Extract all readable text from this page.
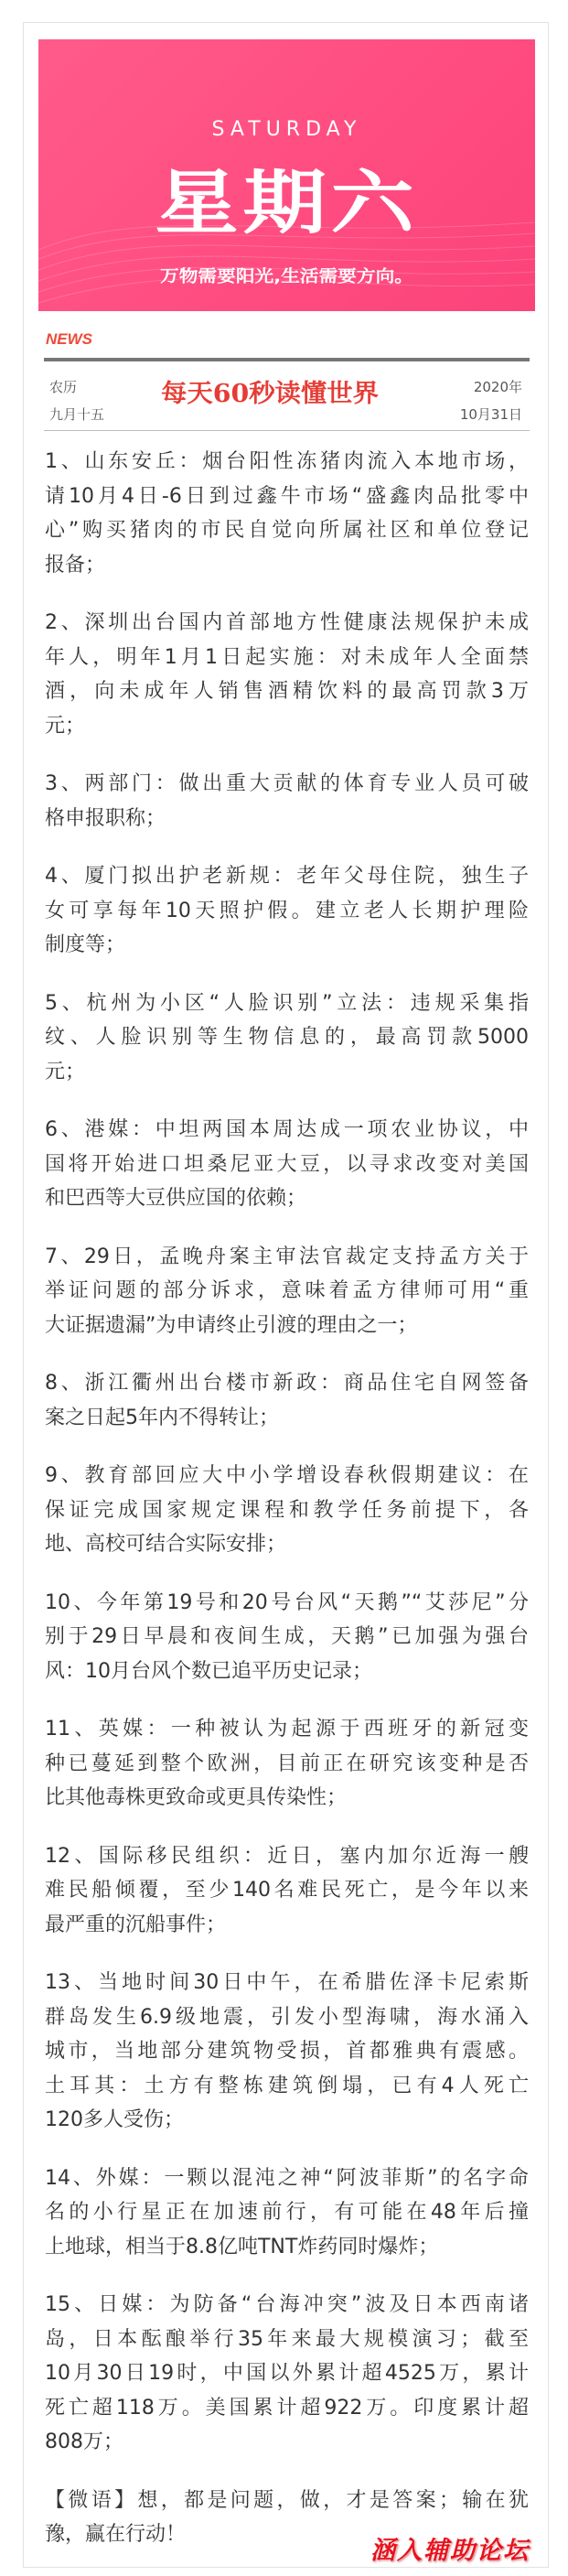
SATURDAY
星期六
万物需要阳光,生活需要方向。
NEWS
农历
九月十五
每天60秒读懂世界	2020年
10月31日
1、山东安丘：烟台阳性冻猪肉流入本地市场，
请10月4日-6日到过鑫牛市场“盛鑫肉品批零中
心”购买猪肉的市民自觉向所属社区和单位登记
报备；
2、深圳出台国内首部地方性健康法规保护未成
年人，明年1月1日起实施：对未成年人全面禁
酒，向未成年人销售酒精饮料的最高罚款3万
元；
3、两部门：做出重大贡献的体育专业人员可破
格申报职称；
4、厦门拟出护老新规：老年父母住院，独生子
女可享每年10天照护假。建立老人长期护理险
制度等；
5、杭州为小区“人脸识别”立法：违规采集指
纹、人脸识别等生物信息的，最高罚款5000
元；
6、港媒：中坦两国本周达成一项农业协议，中
国将开始进口坦桑尼亚大豆，以寻求改变对美国
和巴西等大豆供应国的依赖；
7、29日，孟晚舟案主审法官裁定支持孟方关于
举证问题的部分诉求，意味着孟方律师可用“重
大证据遗漏”为申请终止引渡的理由之一；
8、浙江衢州出台楼市新政：商品住宅自网签备
案之日起5年内不得转让；
9、教育部回应大中小学增设春秋假期建议：在
保证完成国家规定课程和教学任务前提下，各
地、高校可结合实际安排；
10、今年第19号和20号台风“天鹅”“艾莎尼”分
别于29日早晨和夜间生成，天鹅”已加强为强台
风：10月台风个数已追平历史记录；
11、英媒：一种被认为起源于西班牙的新冠变
种已蔓延到整个欧洲，目前正在研究该变种是否
比其他毒株更致命或更具传染性；
12、国际移民组织：近日，塞内加尔近海一艘
难民船倾覆，至少140名难民死亡，是今年以来
最严重的沉船事件；
13、当地时间30日中午，在希腊佐泽卡尼索斯
群岛发生6.9级地震，引发小型海啸，海水涌入
城市，当地部分建筑物受损，首都雅典有震感。
土耳其：土方有整栋建筑倒塌，已有4人死亡
120多人受伤；
14、外媒：一颗以混沌之神“阿波菲斯”的名字命
名的小行星正在加速前行，有可能在48年后撞
上地球，相当于8.8亿吨TNT炸药同时爆炸；
15、日媒：为防备“台海冲突”波及日本西南诸
岛，日本酝酿举行35年来最大规模演习；截至
10月30日19时，中国以外累计超4525万，累计
死亡超118万。美国累计超922万。印度累计超
808万；
【微语】想，都是问题，做，才是答案；输在犹
豫，赢在行动！
涵入辅助论坛
